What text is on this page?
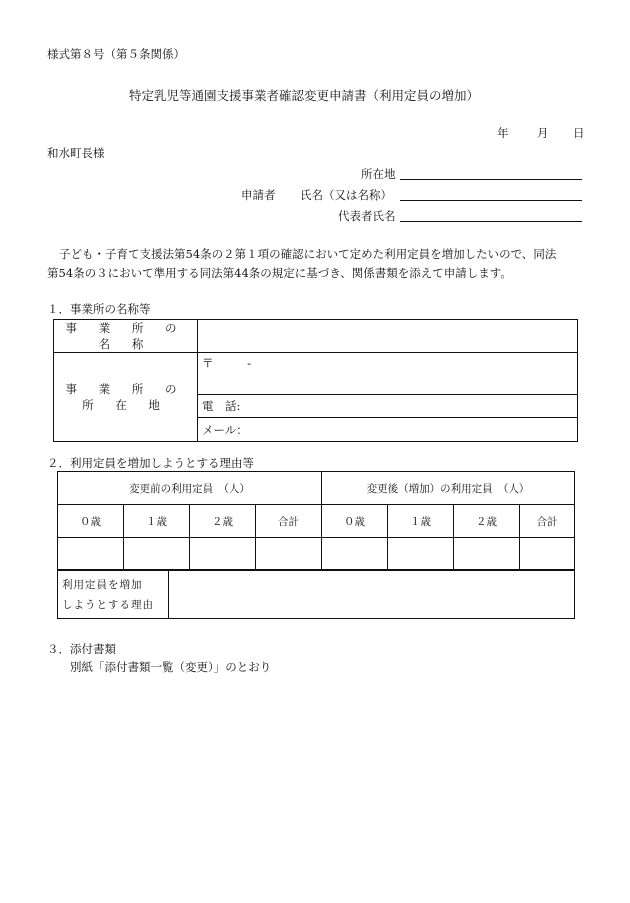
様式第８号（第５条関係）
特定乳児等通園支援事業者確認変更申請書（利用定員の増加）
年 月 日
和水町長様
所在地
申請者 氏名（又は名称）
代表者氏名
子ども・子育て支援法第54条の２第１項の確認において定めた利用定員を増加したいので、同法
第54条の３において準用する同法第44条の規定に基づき、関係書類を添えて申請します。
１．事業所の名称等
事 業 所 の 名 称	
事 業 所 の 所 在 地	〒 -
	電　話:
	メール：
２．利用定員を増加しようとする理由等
変更前の利用定員　（人）				変更後（増加）の利用定員　（人）			
０歳	１歳	２歳	合計	０歳	１歳	２歳	合計

利用定員を増加
しようとする理由

３．添付書類
別紙「添付書類一覧（変更）」のとおり
